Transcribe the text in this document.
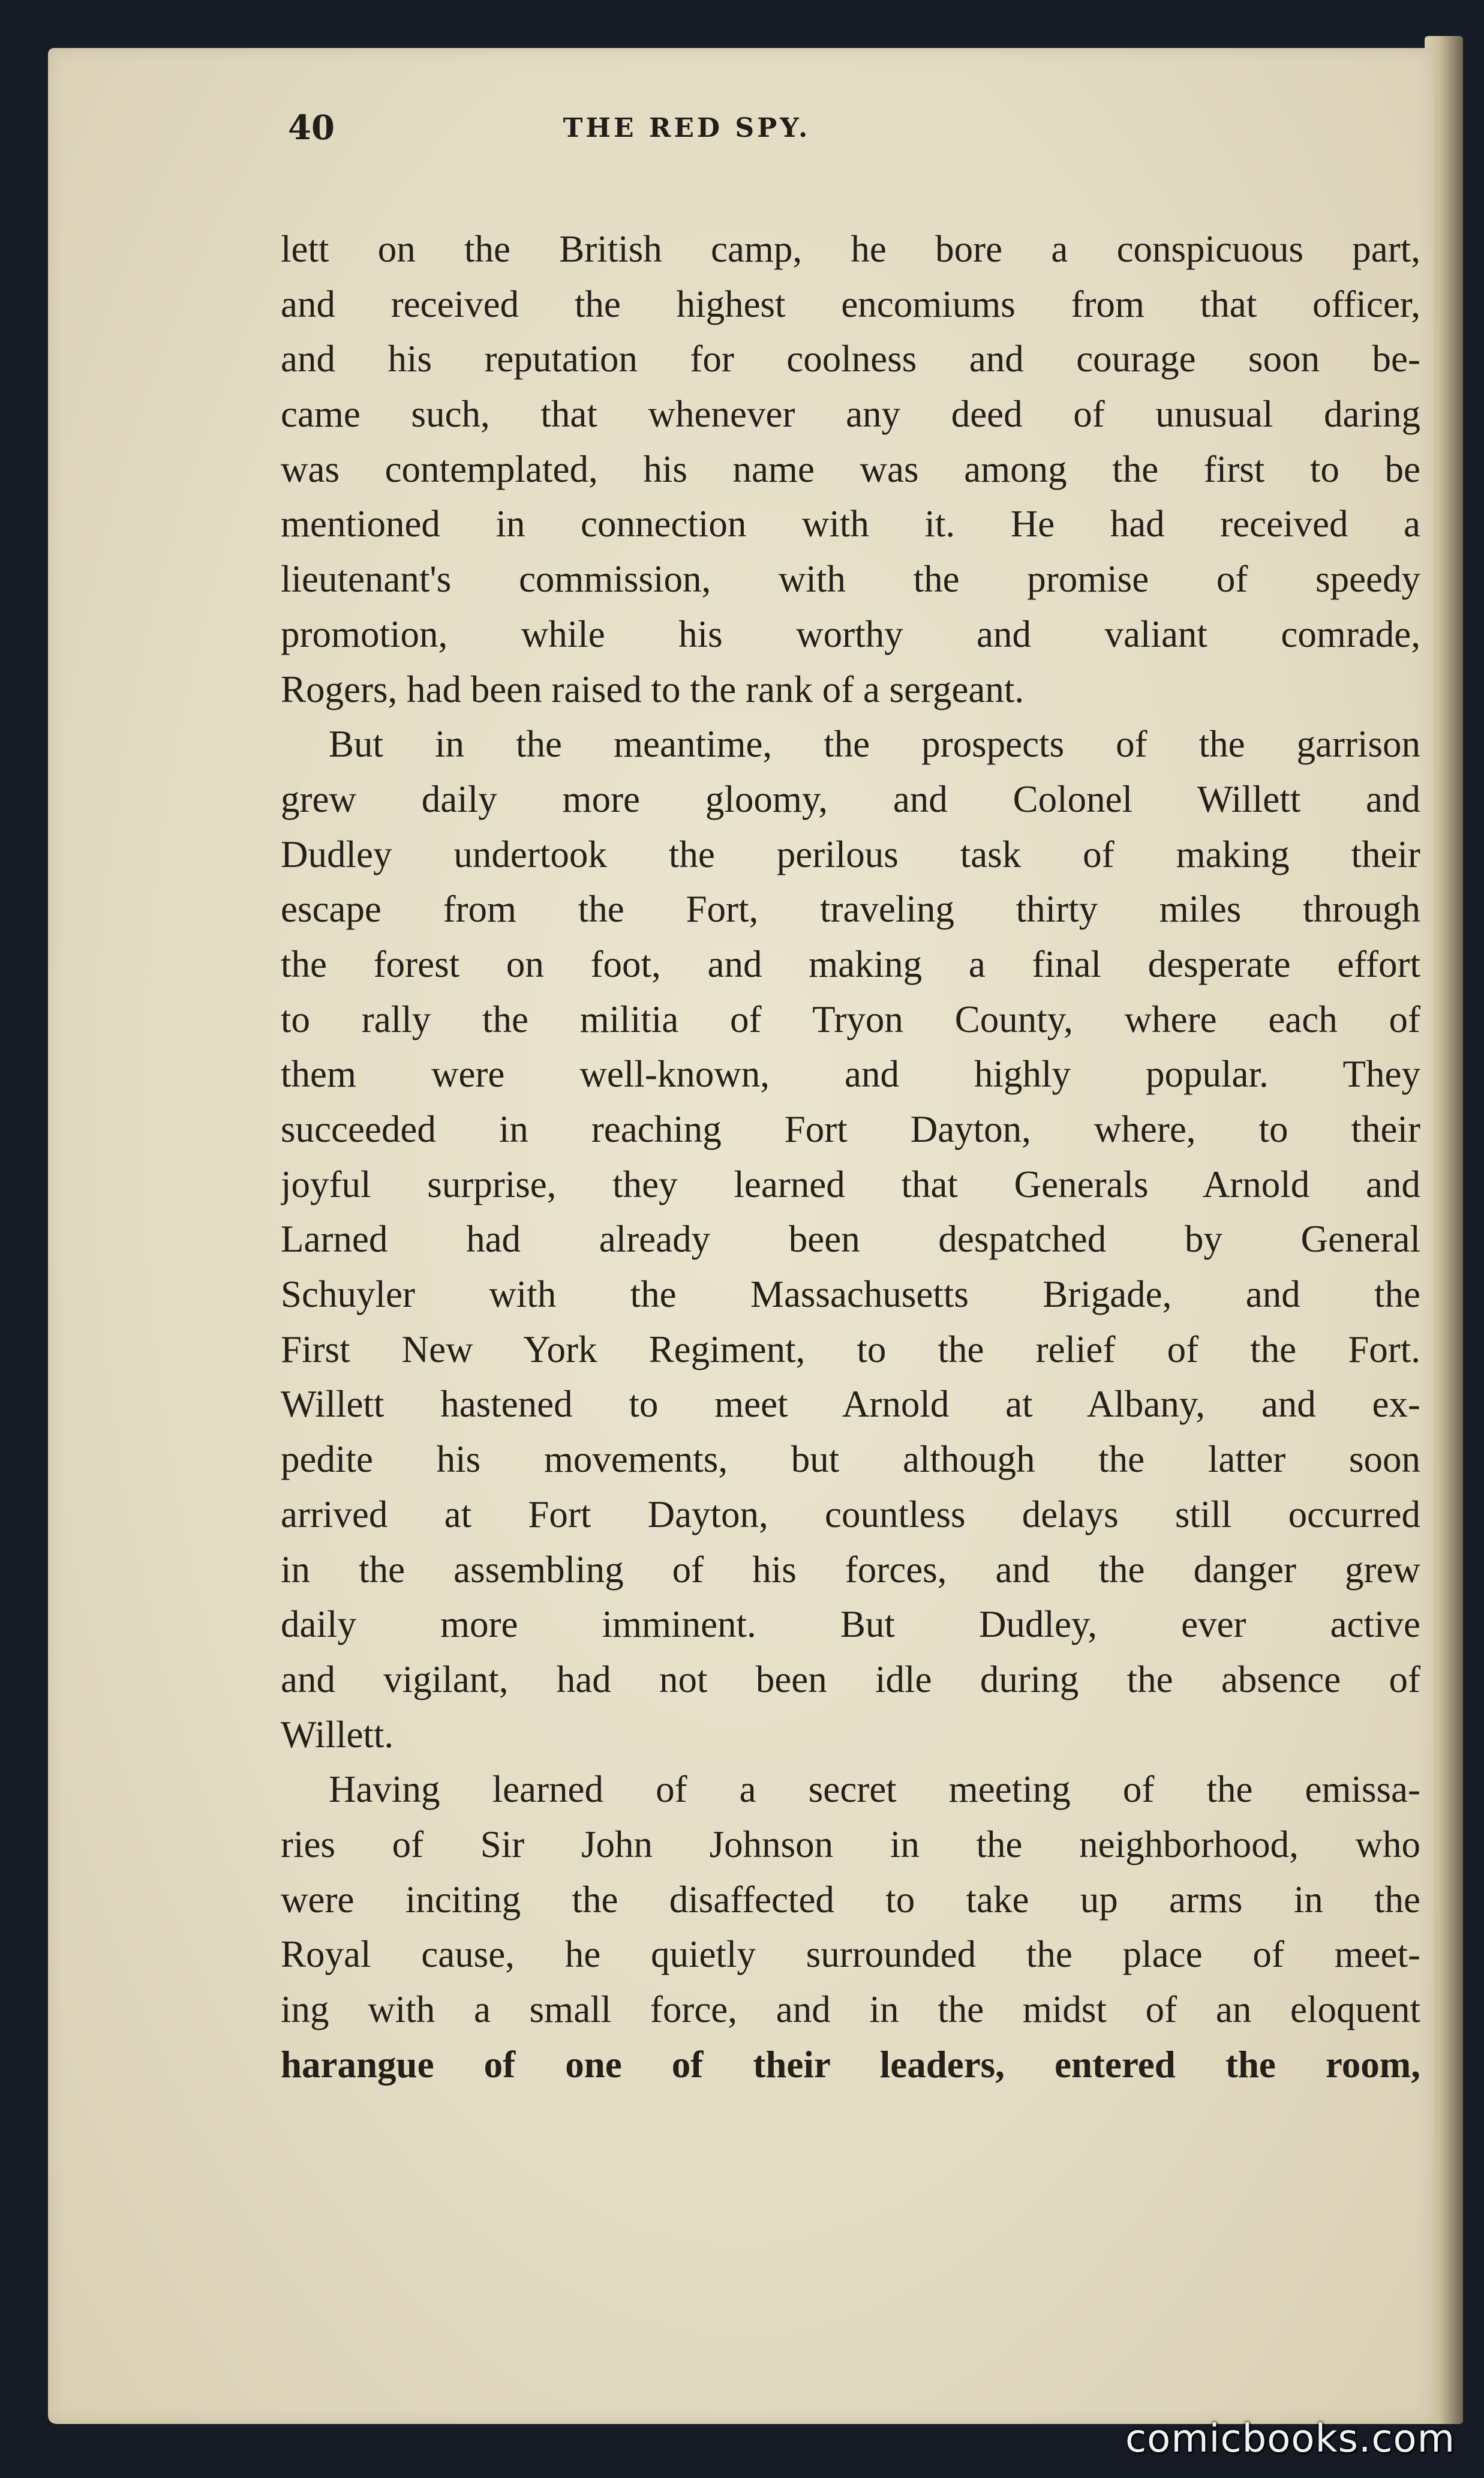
40	THE RED SPY.
lett on the British camp, he bore a conspicuous part,
and received the highest encomiums from that officer,
and his reputation for coolness and courage soon be-
came such, that whenever any deed of unusual daring
was contemplated, his name was among the first to be
mentioned in connection with it. He had received a
lieutenant's commission, with the promise of speedy
promotion, while his worthy and valiant comrade,
Rogers, had been raised to the rank of a sergeant.
But in the meantime, the prospects of the garrison
grew daily more gloomy, and Colonel Willett and
Dudley undertook the perilous task of making their
escape from the Fort, traveling thirty miles through
the forest on foot, and making a final desperate effort
to rally the militia of Tryon County, where each of
them were well-known, and highly popular. They
succeeded in reaching Fort Dayton, where, to their
joyful surprise, they learned that Generals Arnold and
Larned had already been despatched by General
Schuyler with the Massachusetts Brigade, and the
First New York Regiment, to the relief of the Fort.
Willett hastened to meet Arnold at Albany, and ex-
pedite his movements, but although the latter soon
arrived at Fort Dayton, countless delays still occurred
in the assembling of his forces, and the danger grew
daily more imminent. But Dudley, ever active
and vigilant, had not been idle during the absence of
Willett.
Having learned of a secret meeting of the emissa-
ries of Sir John Johnson in the neighborhood, who
were inciting the disaffected to take up arms in the
Royal cause, he quietly surrounded the place of meet-
ing with a small force, and in the midst of an eloquent
harangue of one of their leaders, entered the room,
comicbooks.com
